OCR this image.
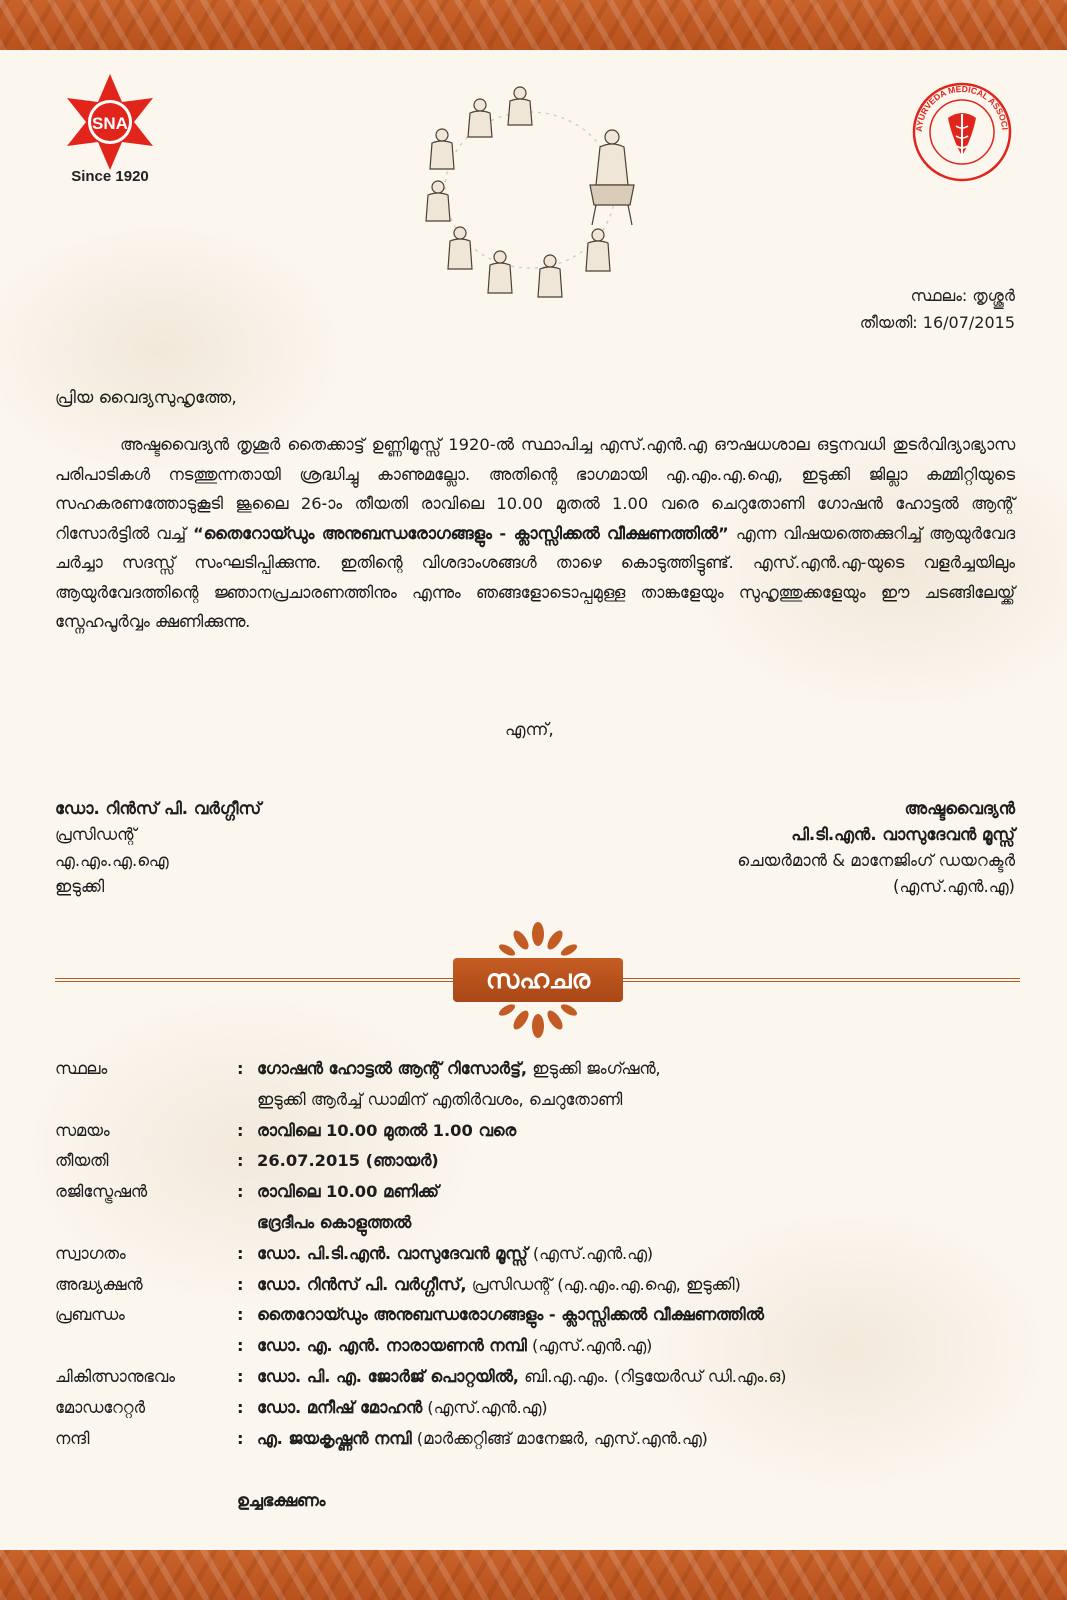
SNA
Since 1920
AYURVEDA MEDICAL ASSOCI
സ്ഥലം: തൃശ്ശൂർ
തീയതി: 16/07/2015
പ്രിയ വൈദ്യസുഹൃത്തേ,
അഷ്ടവൈദ്യൻ തൃശൂർ തൈക്കാട്ട് ഉണ്ണിമൂസ്സ് 1920-ൽ സ്ഥാപിച്ച എസ്.എൻ.എ ഔഷധശാല ഒട്ടനവധി തുടർവിദ്യാഭ്യാസ പരിപാടികൾ നടത്തുന്നതായി ശ്രദ്ധിച്ചു കാണുമല്ലോ. അതിന്റെ ഭാഗമായി എ.എം.എ.ഐ, ഇടുക്കി ജില്ലാ കമ്മിറ്റിയുടെ സഹകരണത്തോടുകൂടി ജൂലൈ 26-ാം തീയതി രാവിലെ 10.00 മുതൽ 1.00 വരെ ചെറുതോണി ഗോഷൻ ഹോട്ടൽ ആന്റ് റിസോർട്ടിൽ വച്ച് “തൈറോയ്ഡും അനുബന്ധരോഗങ്ങളും - ക്ലാസ്സിക്കൽ വീക്ഷണത്തിൽ” എന്ന വിഷയത്തെക്കുറിച്ച് ആയുർവേദ ചർച്ചാ സദസ്സ് സംഘടിപ്പിക്കുന്നു. ഇതിന്റെ വിശദാംശങ്ങൾ താഴെ കൊടുത്തിട്ടുണ്ട്. എസ്.എൻ.എ-യുടെ വളർച്ചയിലും ആയുർവേദത്തിന്റെ ജ്ഞാനപ്രചാരണത്തിനും എന്നും ഞങ്ങളോടൊപ്പമുള്ള താങ്കളേയും സുഹൃത്തുക്കളേയും ഈ ചടങ്ങിലേയ്ക്ക് സ്നേഹപൂർവ്വം ക്ഷണിക്കുന്നു.
എന്ന്,
ഡോ. റിൻസ് പി. വർഗ്ഗീസ്
പ്രസിഡന്റ്
എ.എം.എ.ഐ
ഇടുക്കി
അഷ്ടവൈദ്യൻ
പി.ടി.എൻ. വാസുദേവൻ മൂസ്സ്
ചെയർമാൻ & മാനേജിംഗ് ഡയറക്ടർ
(എസ്.എൻ.എ)
സഹചര
സ്ഥലം	: ഗോഷൻ ഹോട്ടൽ ആന്റ് റിസോർട്ട്, ഇടുക്കി ജംഗ്ഷൻ,
ഇടുക്കി ആർച്ച് ഡാമിന് എതിർവശം, ചെറുതോണി
സമയം	: രാവിലെ 10.00 മുതൽ 1.00 വരെ
തീയതി	: 26.07.2015 (ഞായർ)
രജിസ്ട്രേഷൻ	: രാവിലെ 10.00 മണിക്ക്
ഭദ്രദീപം കൊളുത്തൽ
സ്വാഗതം	: ഡോ. പി.ടി.എൻ. വാസുദേവൻ മൂസ്സ് (എസ്.എൻ.എ)
അദ്ധ്യക്ഷൻ	: ഡോ. റിൻസ് പി. വർഗ്ഗീസ്, പ്രസിഡന്റ് (എ.എം.എ.ഐ, ഇടുക്കി)
പ്രബന്ധം	: തൈറോയ്ഡും അനുബന്ധരോഗങ്ങളും - ക്ലാസ്സിക്കൽ വീക്ഷണത്തിൽ
: ഡോ. എ. എൻ. നാരായണൻ നമ്പി (എസ്.എൻ.എ)
ചികിത്സാനുഭവം	: ഡോ. പി. എ. ജോർജ് പൊറ്റയിൽ, ബി.എ.എം. (റിട്ടയേർഡ് ഡി.എം.ഒ)
മോഡറേറ്റർ	: ഡോ. മനീഷ് മോഹൻ (എസ്.എൻ.എ)
നന്ദി	: എ. ജയകൃഷ്ണൻ നമ്പി (മാർക്കറ്റിങ്ങ് മാനേജർ, എസ്.എൻ.എ)
ഉച്ചഭക്ഷണം
